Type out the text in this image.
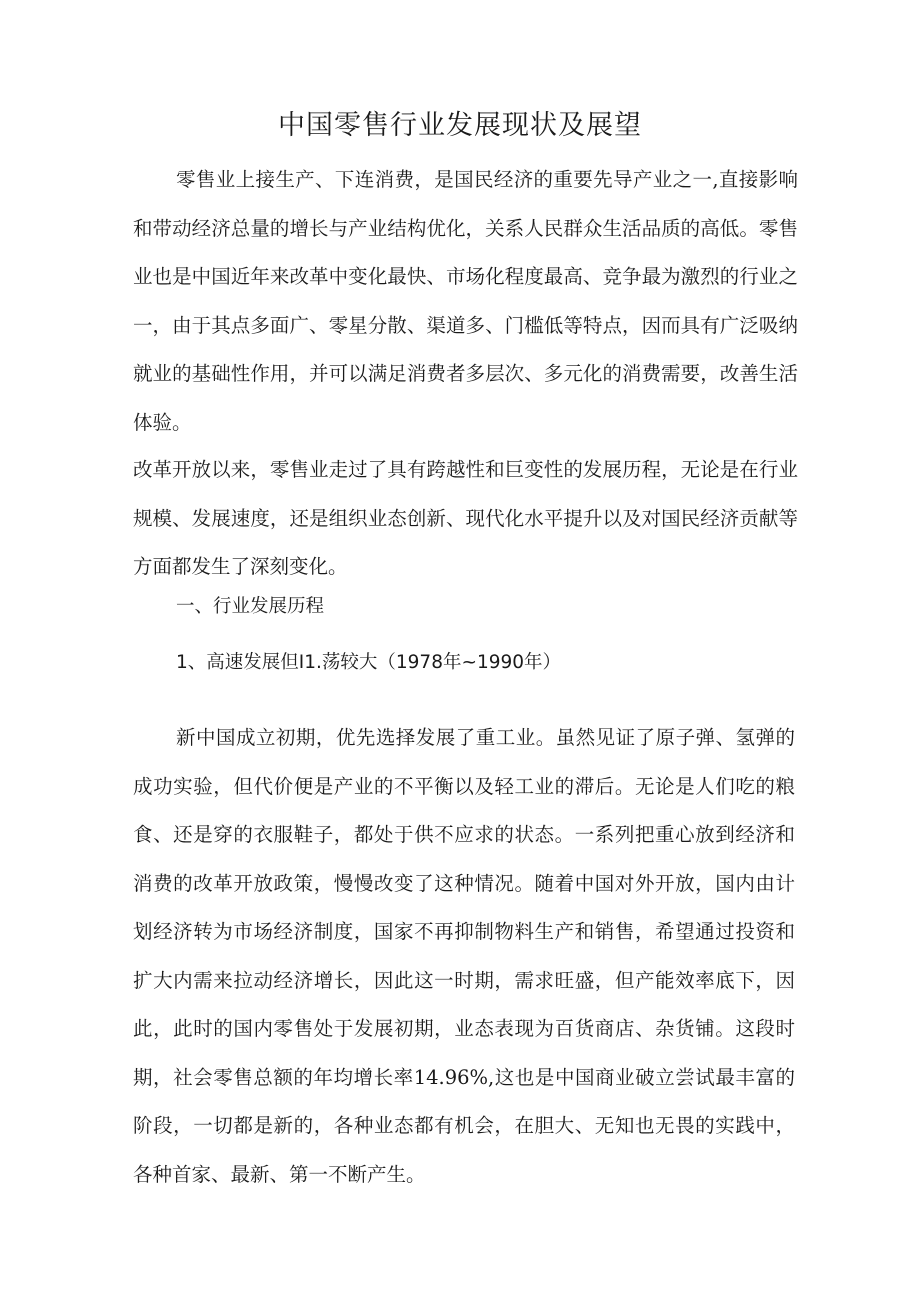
中国零售行业发展现状及展望

零售业上接生产、下连消费，是国民经济的重要先导产业之一,直接影响和带动经济总量的增长与产业结构优化，关系人民群众生活品质的高低。零售业也是中国近年来改革中变化最快、市场化程度最高、竞争最为激烈的行业之一，由于其点多面广、零星分散、渠道多、门槛低等特点，因而具有广泛吸纳就业的基础性作用，并可以满足消费者多层次、多元化的消费需要，改善生活体验。

改革开放以来，零售业走过了具有跨越性和巨变性的发展历程，无论是在行业规模、发展速度，还是组织业态创新、现代化水平提升以及对国民经济贡献等方面都发生了深刻变化。

一、行业发展历程
1、高速发展但I1.荡较大（1978年~1990年）

新中国成立初期，优先选择发展了重工业。虽然见证了原子弹、氢弹的成功实验，但代价便是产业的不平衡以及轻工业的滞后。无论是人们吃的粮食、还是穿的衣服鞋子，都处于供不应求的状态。一系列把重心放到经济和消费的改革开放政策，慢慢改变了这种情况。随着中国对外开放，国内由计划经济转为市场经济制度，国家不再抑制物料生产和销售，希望通过投资和扩大内需来拉动经济增长，因此这一时期，需求旺盛，但产能效率底下，因此，此时的国内零售处于发展初期，业态表现为百货商店、杂货铺。这段时期，社会零售总额的年均增长率14.96%,这也是中国商业破立尝试最丰富的阶段，一切都是新的，各种业态都有机会，在胆大、无知也无畏的实践中，各种首家、最新、第一不断产生。
